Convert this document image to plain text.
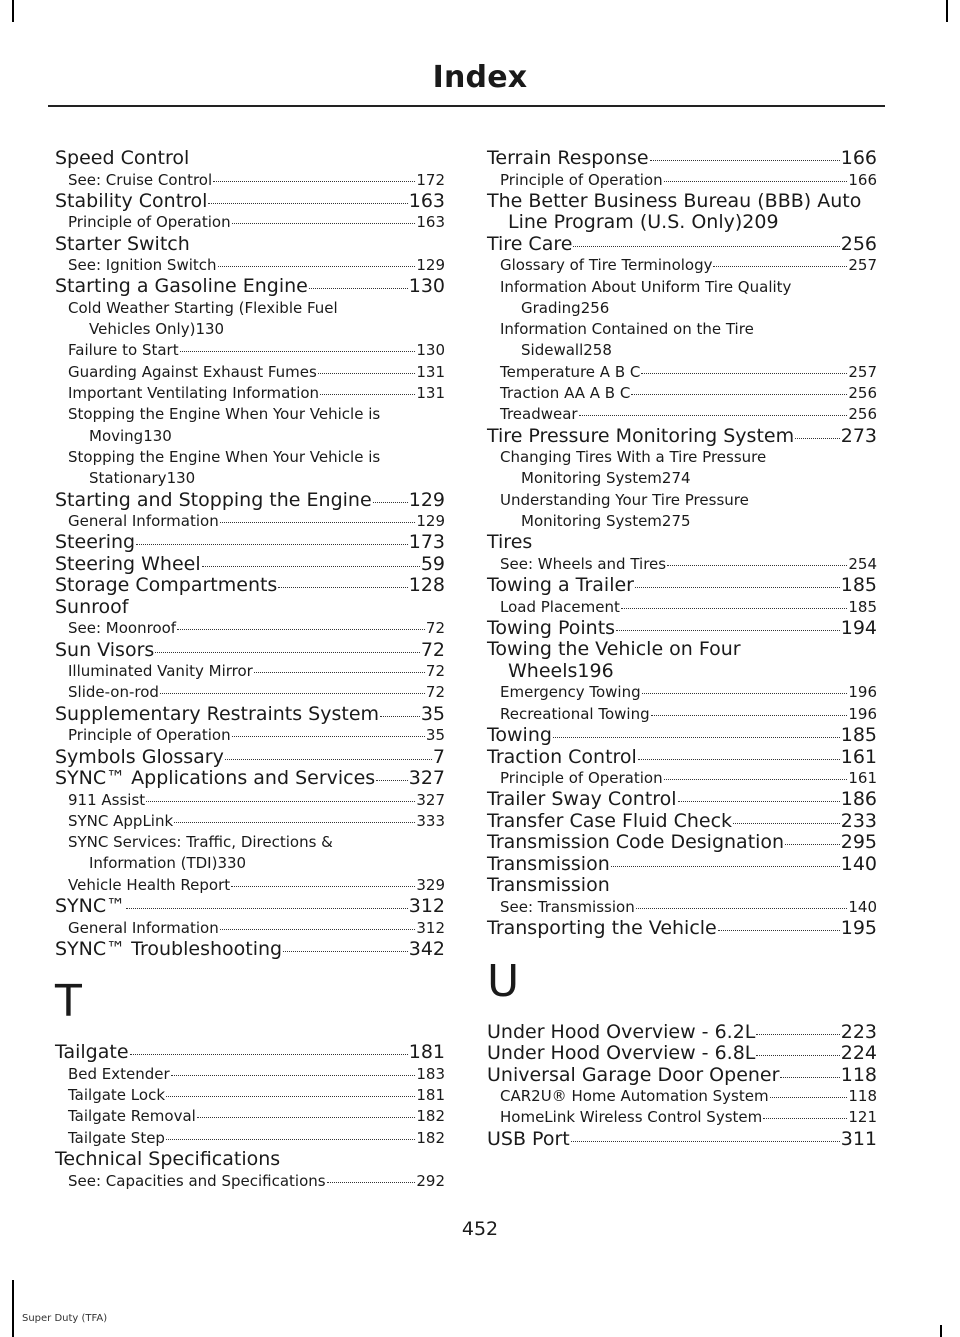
Index
Speed Control
See: Cruise Control	172
Stability Control	163
Principle of Operation	163
Starter Switch
See: Ignition Switch	129
Starting a Gasoline Engine	130
Cold Weather Starting (Flexible Fuel
Vehicles Only) 130
Failure to Start	130
Guarding Against Exhaust Fumes	131
Important Ventilating Information	131
Stopping the Engine When Your Vehicle is
Moving 130
Stopping the Engine When Your Vehicle is
Stationary 130
Starting and Stopping the Engine 129
General Information	129
Steering	173
Steering Wheel	59
Storage Compartments	128
Sunroof
See: Moonroof	72
Sun Visors	72
Illuminated Vanity Mirror	72
Slide-on-rod	72
Supplementary Restraints System 35
Principle of Operation	35
Symbols Glossary	7
SYNC™ Applications and Services 327
911 Assist	327
SYNC AppLink	333
SYNC Services: Traffic, Directions &
Information (TDI) 330
Vehicle Health Report	329
SYNC™	312
General Information	312
SYNC™ Troubleshooting	342
T
Tailgate	181
Bed Extender	183
Tailgate Lock	181
Tailgate Removal	182
Tailgate Step	182
Technical Specifications
See: Capacities and Specifications	292
Terrain Response	166
Principle of Operation	166
The Better Business Bureau (BBB) Auto
Line Program (U.S. Only) 209
Tire Care	256
Glossary of Tire Terminology	257
Information About Uniform Tire Quality
Grading 256
Information Contained on the Tire
Sidewall 258
Temperature A B C	257
Traction AA A B C	256
Treadwear	256
Tire Pressure Monitoring System 273
Changing Tires With a Tire Pressure
Monitoring System 274
Understanding Your Tire Pressure
Monitoring System 275
Tires
See: Wheels and Tires	254
Towing a Trailer	185
Load Placement	185
Towing Points	194
Towing the Vehicle on Four
Wheels 196
Emergency Towing	196
Recreational Towing	196
Towing	185
Traction Control	161
Principle of Operation	161
Trailer Sway Control	186
Transfer Case Fluid Check	233
Transmission Code Designation	295
Transmission	140
Transmission
See: Transmission	140
Transporting the Vehicle	195
U
Under Hood Overview - 6.2L	223
Under Hood Overview - 6.8L	224
Universal Garage Door Opener	118
CAR2U® Home Automation System	118
HomeLink Wireless Control System	121
USB Port	311
452
Super Duty (TFA)
